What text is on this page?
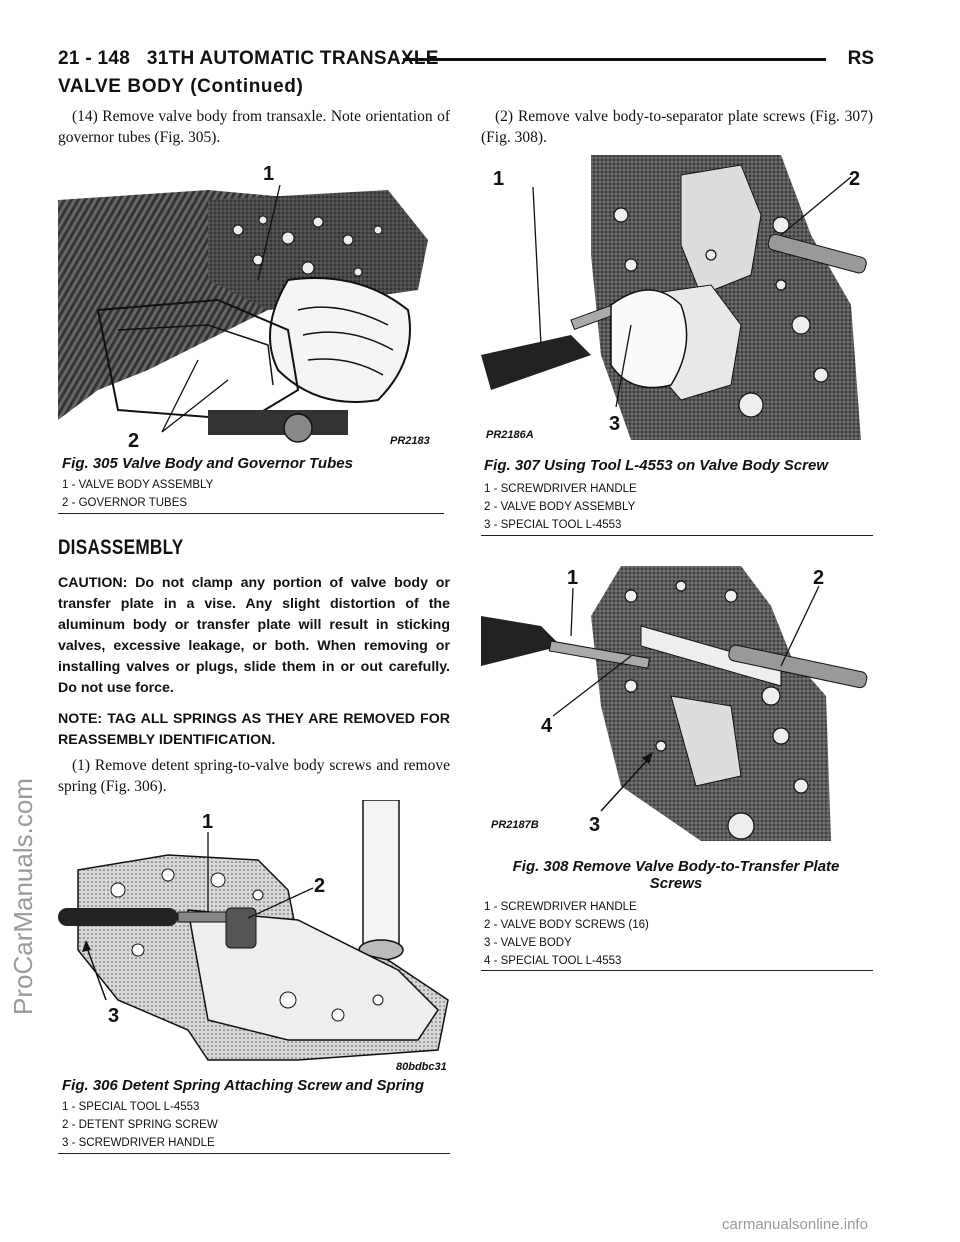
21 - 148 31TH AUTOMATIC TRANSAXLE	RS
VALVE BODY (Continued)
(14) Remove valve body from transaxle. Note orientation of governor tubes (Fig. 305).
1
2	PR2183
Fig. 305 Valve Body and Governor Tubes
1 - VALVE BODY ASSEMBLY
2 - GOVERNOR TUBES
DISASSEMBLY
CAUTION: Do not clamp any portion of valve body or transfer plate in a vise. Any slight distortion of the aluminum body or transfer plate will result in sticking valves, excessive leakage, or both. When removing or installing valves or plugs, slide them in or out carefully. Do not use force.
NOTE: TAG ALL SPRINGS AS THEY ARE REMOVED FOR REASSEMBLY IDENTIFICATION.
(1) Remove detent spring-to-valve body screws and remove spring (Fig. 306).
1
2
3
80bdbc31
Fig. 306 Detent Spring Attaching Screw and Spring
1 - SPECIAL TOOL L-4553
2 - DETENT SPRING SCREW
3 - SCREWDRIVER HANDLE
(2) Remove valve body-to-separator plate screws (Fig. 307) (Fig. 308).
1	2
3
PR2186A
Fig. 307 Using Tool L-4553 on Valve Body Screw
1 - SCREWDRIVER HANDLE
2 - VALVE BODY ASSEMBLY
3 - SPECIAL TOOL L-4553
1	2
3
4
PR2187B
Fig. 308 Remove Valve Body-to-Transfer Plate
Screws
1 - SCREWDRIVER HANDLE
2 - VALVE BODY SCREWS (16)
3 - VALVE BODY
4 - SPECIAL TOOL L-4553
ProCarManuals.com
carmanualsonline.info
